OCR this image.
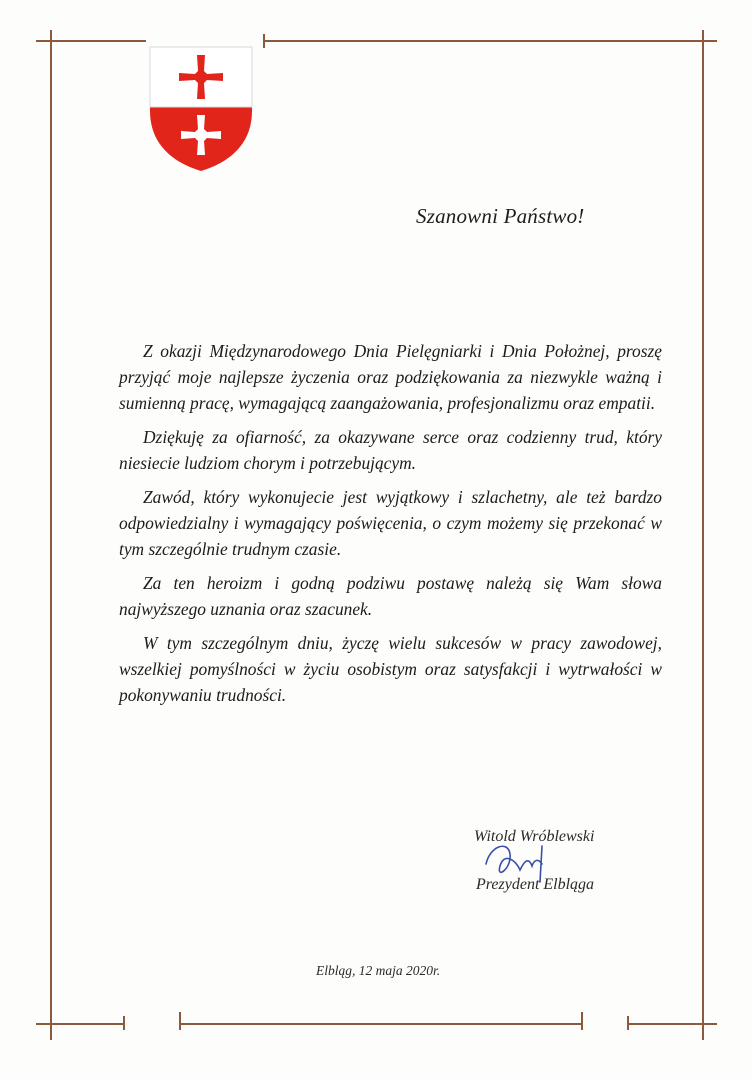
Szanowni Państwo!

Z okazji Międzynarodowego Dnia Pielęgniarki i Dnia Położnej, proszę przyjąć moje najlepsze życzenia oraz podziękowania za niezwykle ważną i sumienną pracę, wymagającą zaangażowania, profesjonalizmu oraz empatii.

Dziękuję za ofiarność, za okazywane serce oraz codzienny trud, który niesiecie ludziom chorym i potrzebującym.

Zawód, który wykonujecie jest wyjątkowy i szlachetny, ale też bardzo odpowiedzialny i wymagający poświęcenia, o czym możemy się przekonać w tym szczególnie trudnym czasie.

Za ten heroizm i godną podziwu postawę należą się Wam słowa najwyższego uznania oraz szacunek.

W tym szczególnym dniu, życzę wielu sukcesów w pracy zawodowej, wszelkiej pomyślności w życiu osobistym oraz satysfakcji i wytrwałości w pokonywaniu trudności.

Witold Wróblewski
Prezydent Elbląga
Elbląg, 12 maja 2020r.
